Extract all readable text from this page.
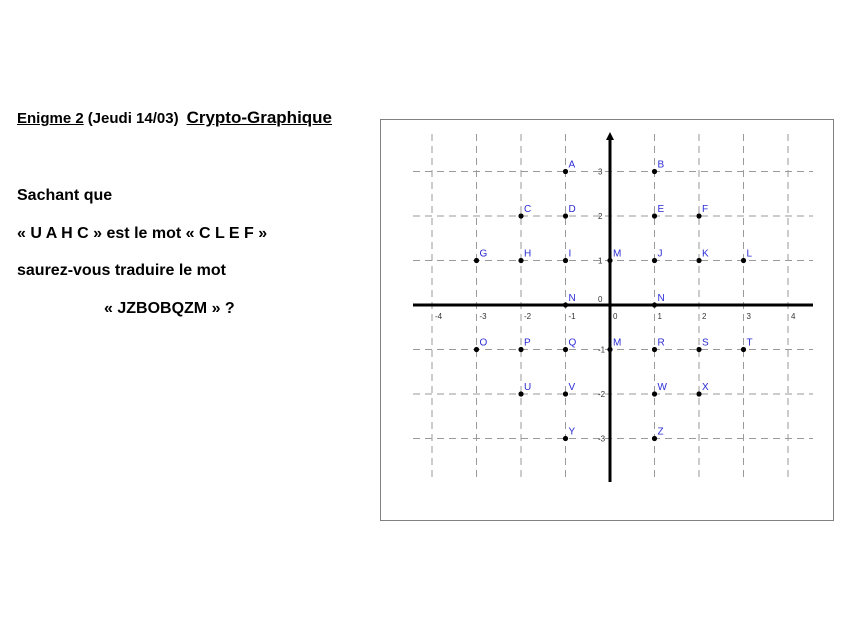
Enigme 2 (Jeudi 14/03) Crypto-Graphique
Sachant que
« U A H C » est le mot « C L E F »
saurez-vous traduire le mot
« JZBOBQZM » ?	-4	-3	-2	-1	0	1	2	3	4
3
2
1
0
-1
-2
-3
A	B
C	D	E	F
G	H	I	M	J	K	L
N	N
O	P	Q	M	R	S	T
U	V	W	X
Y	Z
